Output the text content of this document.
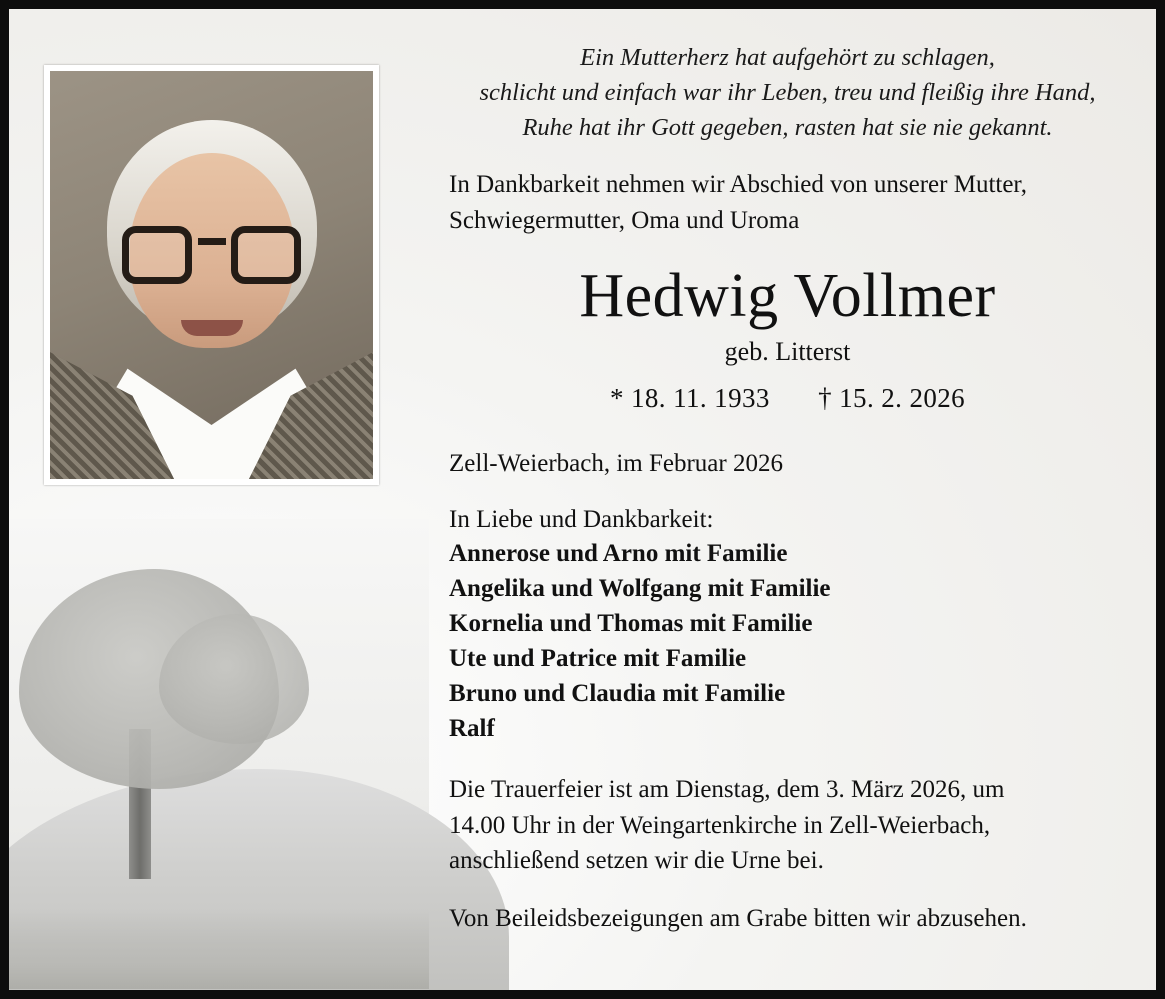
Ein Mutterherz hat aufgehört zu schlagen,
schlicht und einfach war ihr Leben, treu und fleißig ihre Hand,
Ruhe hat ihr Gott gegeben, rasten hat sie nie gekannt.
In Dankbarkeit nehmen wir Abschied von unserer Mutter,
Schwiegermutter, Oma und Uroma
Hedwig Vollmer
geb. Litterst
* 18. 11. 1933 † 15. 2. 2026
Zell-Weierbach, im Februar 2026
In Liebe und Dankbarkeit:
Annerose und Arno mit Familie
Angelika und Wolfgang mit Familie
Kornelia und Thomas mit Familie
Ute und Patrice mit Familie
Bruno und Claudia mit Familie
Ralf
Die Trauerfeier ist am Dienstag, dem 3. März 2026, um
14.00 Uhr in der Weingartenkirche in Zell-Weierbach,
anschließend setzen wir die Urne bei.
Von Beileidsbezeigungen am Grabe bitten wir abzusehen.
